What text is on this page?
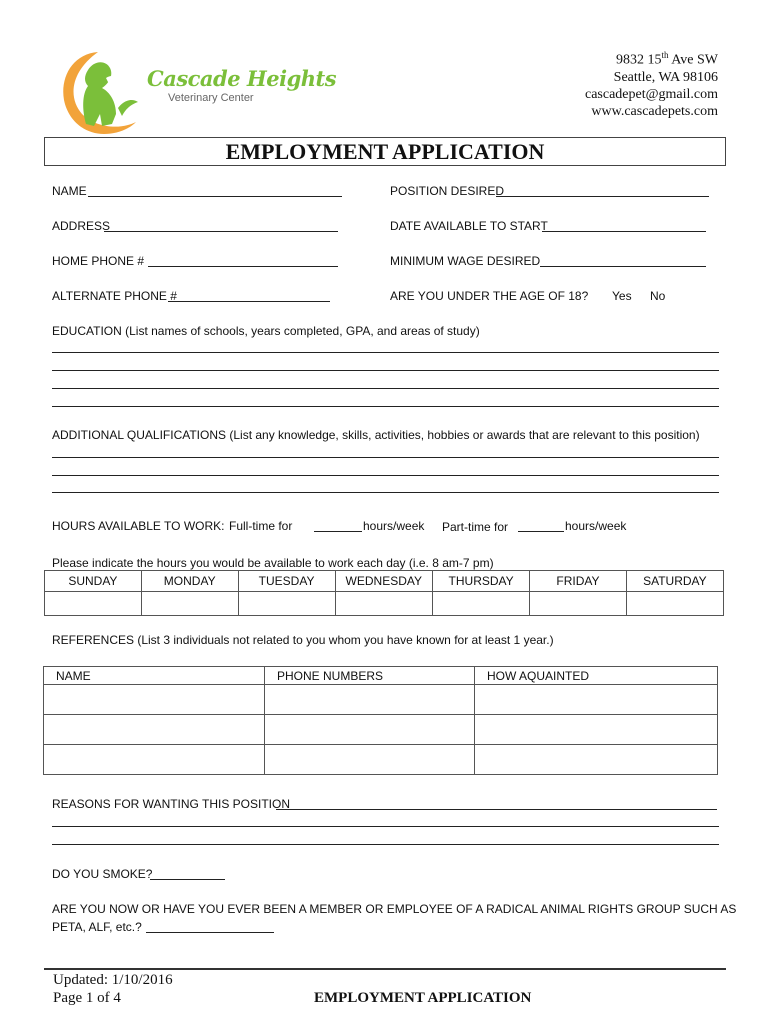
Cascade Heights
Veterinary Center
9832 15th Ave SW
Seattle, WA 98106
cascadepet@gmail.com
www.cascadepets.com
EMPLOYMENT APPLICATION
NAME	POSITION DESIRED
ADDRESS	DATE AVAILABLE TO START
HOME PHONE #	MINIMUM WAGE DESIRED
ALTERNATE PHONE #	ARE YOU UNDER THE AGE OF 18? Yes No
EDUCATION (List names of schools, years completed, GPA, and areas of study)
ADDITIONAL QUALIFICATIONS (List any knowledge, skills, activities, hobbies or awards that are relevant to this position)
HOURS AVAILABLE TO WORK: Full-time for	hours/week Part-time for	hours/week
Please indicate the hours you would be available to work each day (i.e. 8 am-7 pm)
SUNDAY	MONDAY	TUESDAY	WEDNESDAY	THURSDAY	FRIDAY	SATURDAY

REFERENCES (List 3 individuals not related to you whom you have known for at least 1 year.)
NAME	PHONE NUMBERS	HOW AQUAINTED

REASONS FOR WANTING THIS POSITION
DO YOU SMOKE?
ARE YOU NOW OR HAVE YOU EVER BEEN A MEMBER OR EMPLOYEE OF A RADICAL ANIMAL RIGHTS GROUP SUCH AS
PETA, ALF, etc.?
Updated: 1/10/2016
Page 1 of 4	EMPLOYMENT APPLICATION
